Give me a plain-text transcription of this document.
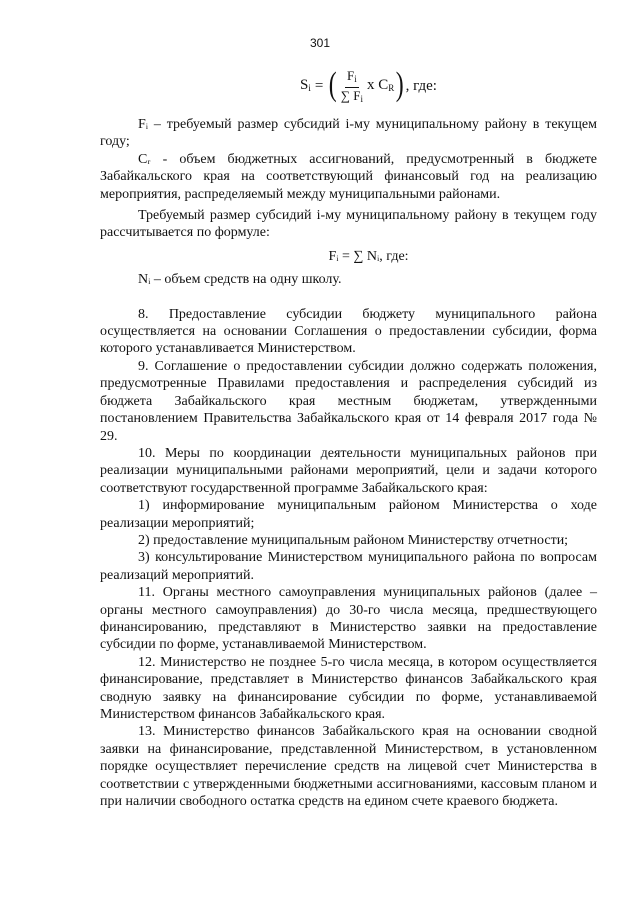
301
$S_i$ = ( $\frac{F_i}{\sum F_i}$ x $C_R$ ) , где:

Fᵢ – требуемый размер субсидий i-му муниципальному району в текущем году;

Cᵣ - объем бюджетных ассигнований, предусмотренный в бюджете Забайкальского края на соответствующий финансовый год на реализацию мероприятия, распределяемый между муниципальными районами.

Требуемый размер субсидий i-му муниципальному району в текущем году рассчитывается по формуле:

Fᵢ = ∑ Nᵢ, где:

Nᵢ – объем средств на одну школу.

8. Предоставление субсидии бюджету муниципального района осуществляется на основании Соглашения о предоставлении субсидии, форма которого устанавливается Министерством.

9. Соглашение о предоставлении субсидии должно содержать положения, предусмотренные Правилами предоставления и распределения субсидий из бюджета Забайкальского края местным бюджетам, утвержденными постановлением Правительства Забайкальского края от 14 февраля 2017 года № 29.

10. Меры по координации деятельности муниципальных районов при реализации муниципальными районами мероприятий, цели и задачи которого соответствуют государственной программе Забайкальского края:

1) информирование муниципальным районом Министерства о ходе реализации мероприятий;

2) предоставление муниципальным районом Министерству отчетности;

3) консультирование Министерством муниципального района по вопросам реализаций мероприятий.

11. Органы местного самоуправления муниципальных районов (далее – органы местного самоуправления) до 30-го числа месяца, предшествующего финансированию, представляют в Министерство заявки на предоставление субсидии по форме, устанавливаемой Министерством.

12. Министерство не позднее 5-го числа месяца, в котором осуществляется финансирование, представляет в Министерство финансов Забайкальского края сводную заявку на финансирование субсидии по форме, устанавливаемой Министерством финансов Забайкальского края.

13. Министерство финансов Забайкальского края на основании сводной заявки на финансирование, представленной Министерством, в установленном порядке осуществляет перечисление средств на лицевой счет Министерства в соответствии с утвержденными бюджетными ассигнованиями, кассовым планом и при наличии свободного остатка средств на едином счете краевого бюджета.
